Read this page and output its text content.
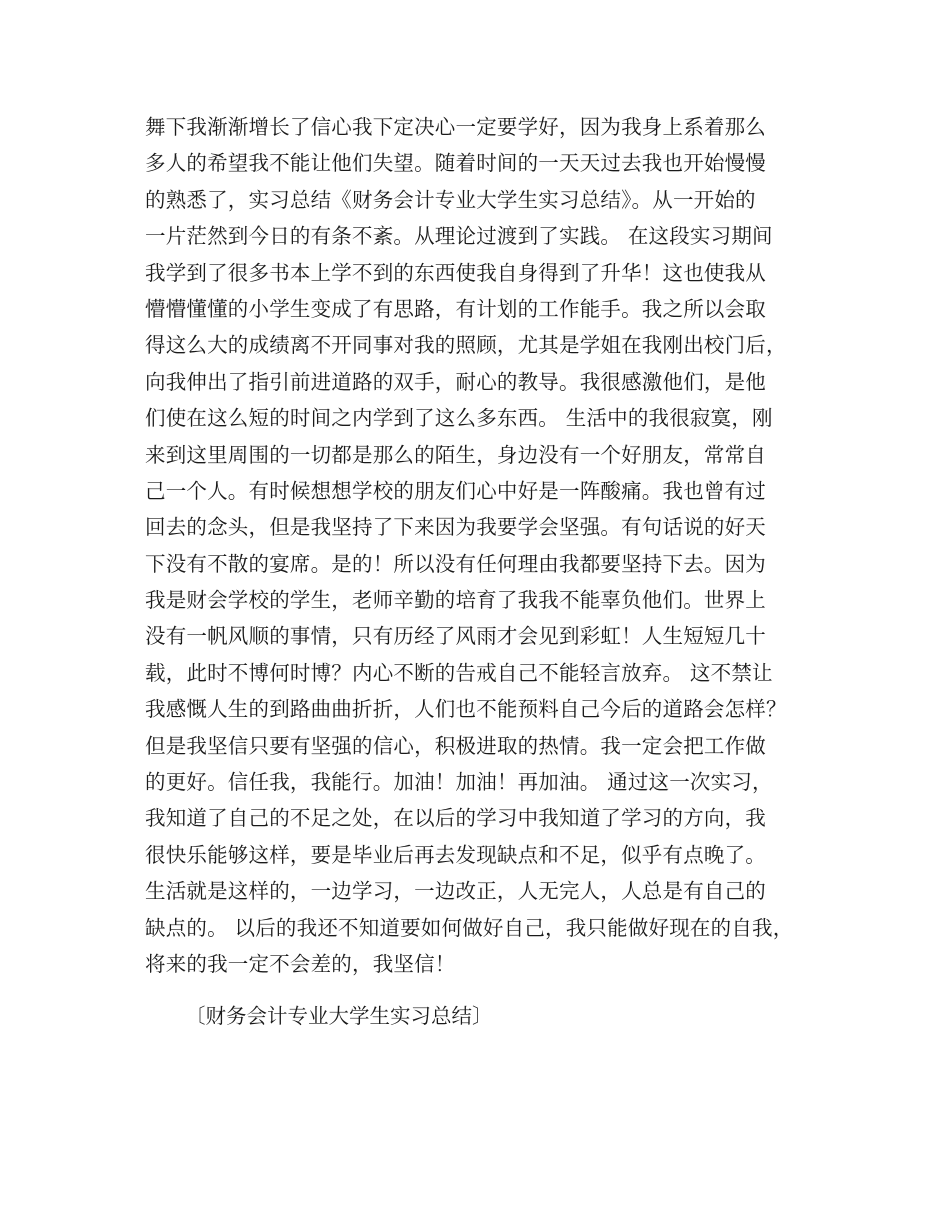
舞下我渐渐增长了信心我下定决心一定要学好，因为我身上系着那么
多人的希望我不能让他们失望。随着时间的一天天过去我也开始慢慢
的熟悉了，实习总结《财务会计专业大学生实习总结》。从一开始的
一片茫然到今日的有条不紊。从理论过渡到了实践。 在这段实习期间
我学到了很多书本上学不到的东西使我自身得到了升华！这也使我从
懵懵懂懂的小学生变成了有思路，有计划的工作能手。我之所以会取
得这么大的成绩离不开同事对我的照顾，尤其是学姐在我刚出校门后，
向我伸出了指引前进道路的双手，耐心的教导。我很感激他们，是他
们使在这么短的时间之内学到了这么多东西。 生活中的我很寂寞，刚
来到这里周围的一切都是那么的陌生，身边没有一个好朋友，常常自
己一个人。有时候想想学校的朋友们心中好是一阵酸痛。我也曾有过
回去的念头，但是我坚持了下来因为我要学会坚强。有句话说的好天
下没有不散的宴席。是的！所以没有任何理由我都要坚持下去。因为
我是财会学校的学生，老师辛勤的培育了我我不能辜负他们。世界上
没有一帆风顺的事情，只有历经了风雨才会见到彩虹！人生短短几十
载，此时不博何时博？内心不断的告戒自己不能轻言放弃。 这不禁让
我感慨人生的到路曲曲折折，人们也不能预料自己今后的道路会怎样？
但是我坚信只要有坚强的信心，积极进取的热情。我一定会把工作做
的更好。信任我，我能行。加油！加油！再加油。 通过这一次实习，
我知道了自己的不足之处，在以后的学习中我知道了学习的方向，我
很快乐能够这样，要是毕业后再去发现缺点和不足，似乎有点晚了。
生活就是这样的，一边学习，一边改正，人无完人，人总是有自己的
缺点的。 以后的我还不知道要如何做好自己，我只能做好现在的自我，
将来的我一定不会差的，我坚信！
〔财务会计专业大学生实习总结〕
